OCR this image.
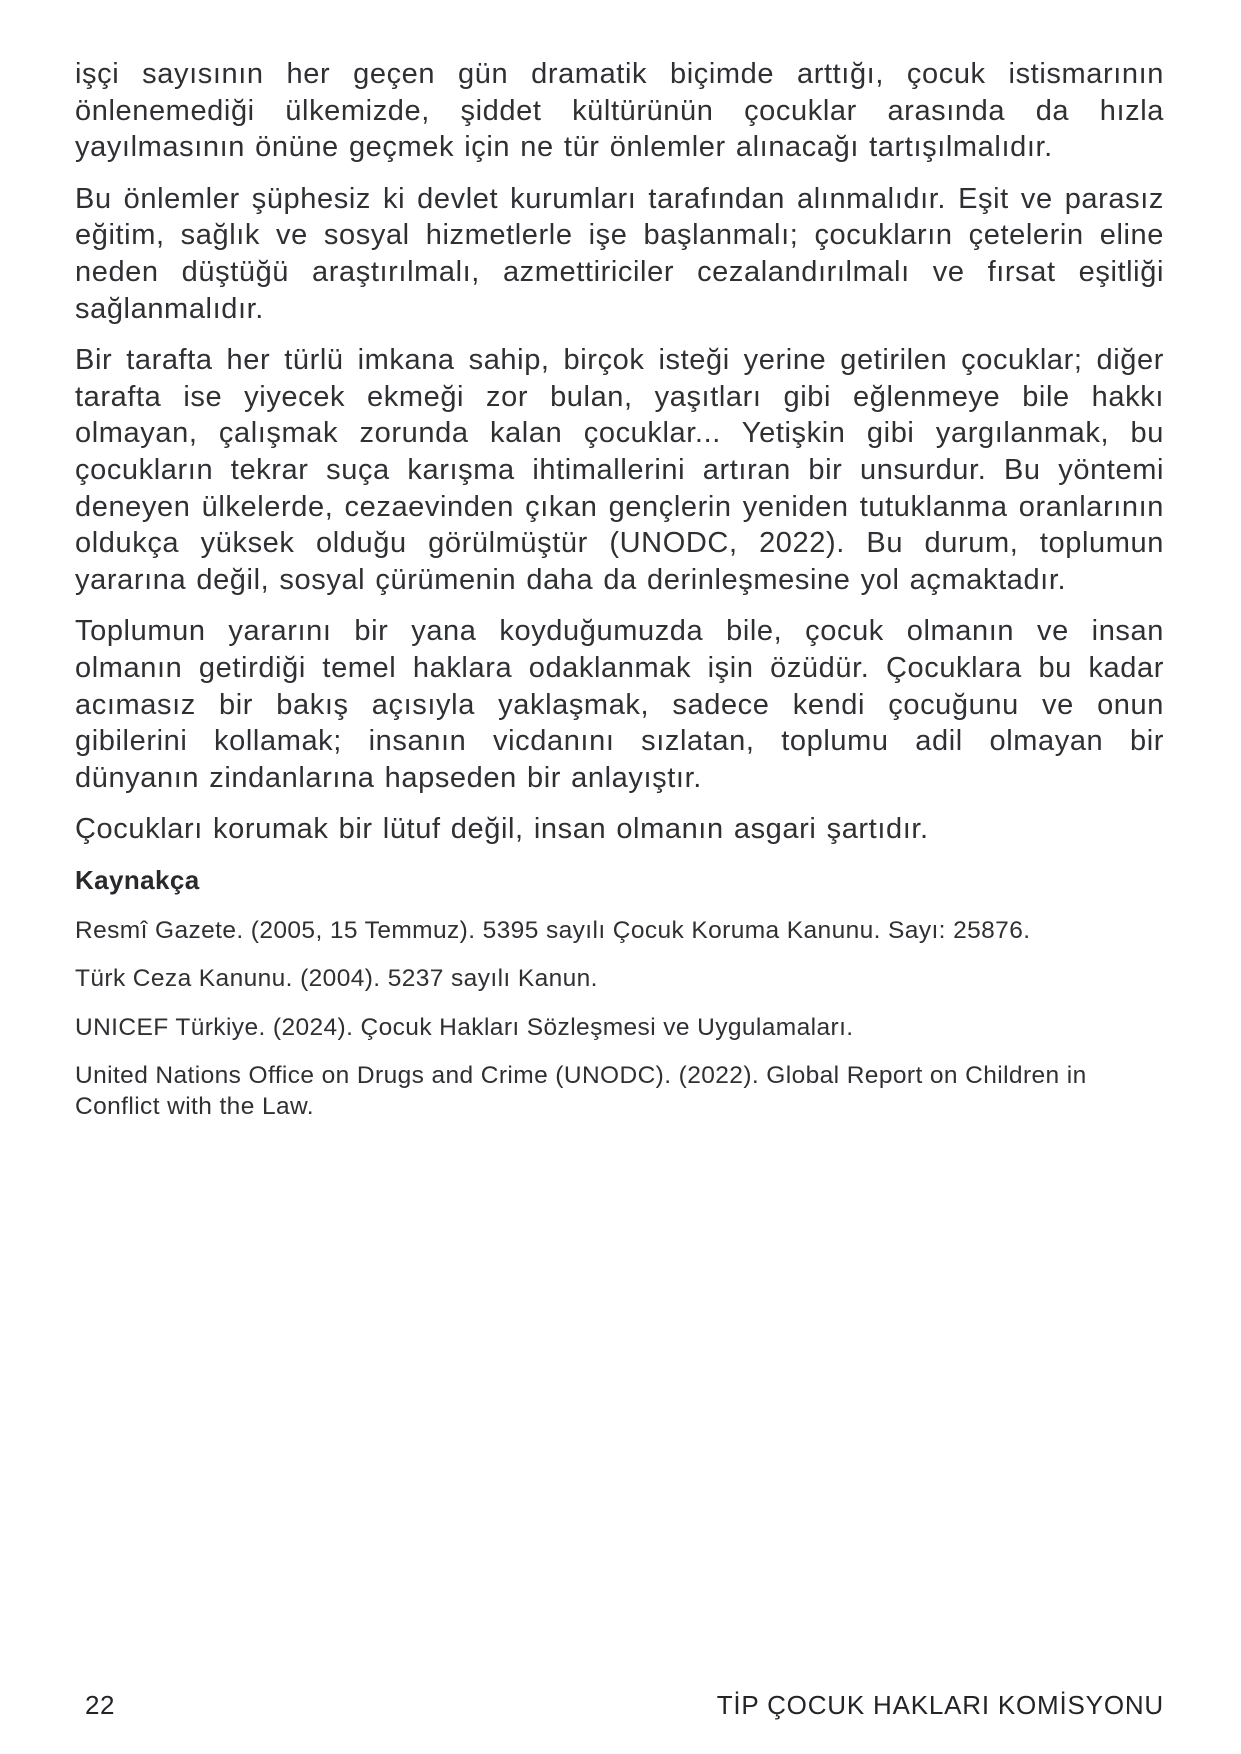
işçi sayısının her geçen gün dramatik biçimde arttığı, çocuk istismarının önlenemediği ülkemizde, şiddet kültürünün çocuklar arasında da hızla yayılmasının önüne geçmek için ne tür önlemler alınacağı tartışılmalıdır.

Bu önlemler şüphesiz ki devlet kurumları tarafından alınmalıdır. Eşit ve parasız eğitim, sağlık ve sosyal hizmetlerle işe başlanmalı; çocukların çetelerin eline neden düştüğü araştırılmalı, azmettiriciler cezalandırılmalı ve fırsat eşitliği sağlanmalıdır.

Bir tarafta her türlü imkana sahip, birçok isteği yerine getirilen çocuklar; diğer tarafta ise yiyecek ekmeği zor bulan, yaşıtları gibi eğlenmeye bile hakkı olmayan, çalışmak zorunda kalan çocuklar... Yetişkin gibi yargılanmak, bu çocukların tekrar suça karışma ihtimallerini artıran bir unsurdur. Bu yöntemi deneyen ülkelerde, cezaevinden çıkan gençlerin yeniden tutuklanma oranlarının oldukça yüksek olduğu görülmüştür (UNODC, 2022). Bu durum, toplumun yararına değil, sosyal çürümenin daha da derinleşmesine yol açmaktadır.

Toplumun yararını bir yana koyduğumuzda bile, çocuk olmanın ve insan olmanın getirdiği temel haklara odaklanmak işin özüdür. Çocuklara bu kadar acımasız bir bakış açısıyla yaklaşmak, sadece kendi çocuğunu ve onun gibilerini kollamak; insanın vicdanını sızlatan, toplumu adil olmayan bir dünyanın zindanlarına hapseden bir anlayıştır.

Çocukları korumak bir lütuf değil, insan olmanın asgari şartıdır.

Kaynakça

Resmî Gazete. (2005, 15 Temmuz). 5395 sayılı Çocuk Koruma Kanunu. Sayı: 25876.

Türk Ceza Kanunu. (2004). 5237 sayılı Kanun.

UNICEF Türkiye. (2024). Çocuk Hakları Sözleşmesi ve Uygulamaları.

United Nations Office on Drugs and Crime (UNODC). (2022). Global Report on Children in Conflict with the Law.

22	TİP ÇOCUK HAKLARI KOMİSYONU
